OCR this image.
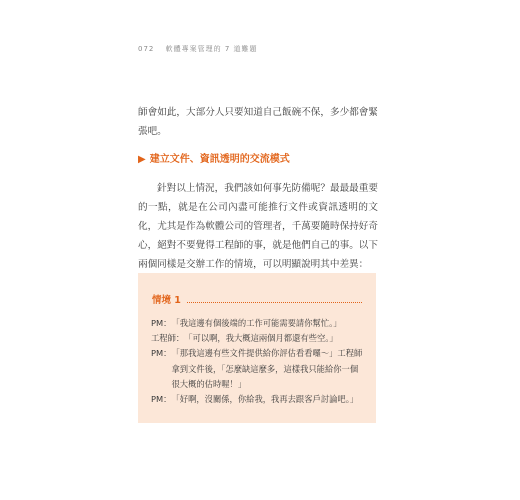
072 軟體專案管理的 7 道難題
師會如此，大部分人只要知道自己飯碗不保，多少都會緊張吧。
▶ 建立文件、資訊透明的交流模式
針對以上情況，我們該如何事先防備呢？最最最重要的一點，就是在公司內盡可能推行文件或資訊透明的文化，尤其是作為軟體公司的管理者，千萬要隨時保持好奇心，絕對不要覺得工程師的事，就是他們自己的事。以下兩個同樣是交辦工作的情境，可以明顯說明其中差異：
情境 1
PM： 「我這邊有個後端的工作可能需要請你幫忙。」
工程師： 「可以啊，我大概這兩個月都還有些空。」
PM： 「那我這邊有些文件提供給你評估看看囉～」工程師拿到文件後，「怎麼缺這麼多，這樣我只能給你一個很大概的估時喔！」
PM： 「好啊，沒關係，你給我，我再去跟客戶討論吧。」
